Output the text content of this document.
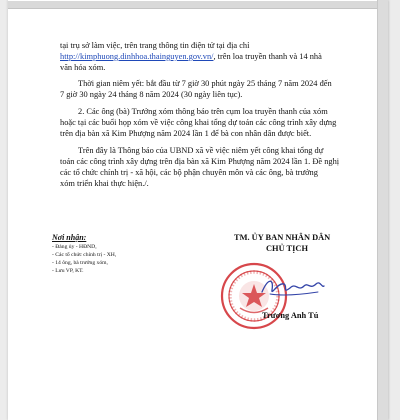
tại trụ sở làm việc, trên trang thông tin điện tử tại địa chỉ
http://kimphuong.dinhhoa.thainguyen.gov.vn/, trên loa truyền thanh và 14 nhà
văn hóa xóm.
Thời gian niêm yết: bắt đầu từ 7 giờ 30 phút ngày 25 tháng 7 năm 2024 đến
7 giờ 30 ngày 24 tháng 8 năm 2024 (30 ngày liên tục).
2. Các ông (bà) Trưởng xóm thông báo trên cụm loa truyền thanh của xóm
hoặc tại các buổi họp xóm về việc công khai tổng dự toán các công trình xây dựng
trên địa bàn xã Kim Phượng năm 2024 lần 1 để bà con nhân dân được biết.
Trên đây là Thông báo của UBND xã về việc niêm yết công khai tổng dự
toán các công trình xây dựng trên địa bàn xã Kim Phượng năm 2024 lần 1. Đề nghị
các tổ chức chính trị - xã hội, các bộ phận chuyên môn và các ông, bà trưởng
xóm triển khai thực hiện./.
Nơi nhận:
- Đảng ủy - HĐND,
- Các tổ chức chính trị - XH,
- 14 ông, bà trưởng xóm,
- Lưu VP, KT.
TM. ỦY BAN NHÂN DÂN
CHỦ TỊCH
Trương Anh Tú
